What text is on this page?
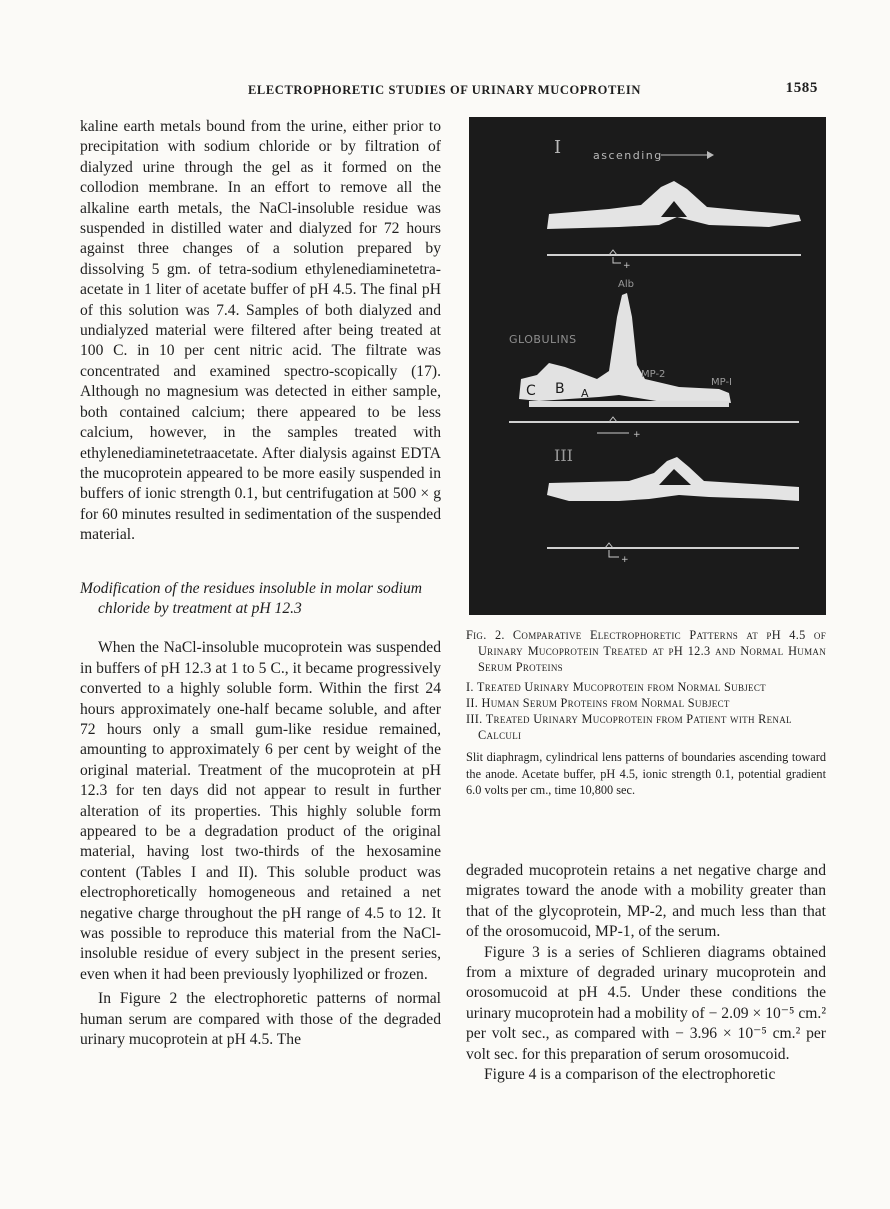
ELECTROPHORETIC STUDIES OF URINARY MUCOPROTEIN	1585

kaline earth metals bound from the urine, either prior to precipitation with sodium chloride or by filtration of dialyzed urine through the gel as it formed on the collodion membrane. In an effort to remove all the alkaline earth metals, the NaCl-insoluble residue was suspended in distilled water and dialyzed for 72 hours against three changes of a solution prepared by dissolving 5 gm. of tetra-sodium ethylenediaminetetra-acetate in 1 liter of acetate buffer of pH 4.5. The final pH of this solution was 7.4. Samples of both dialyzed and undialyzed material were filtered after being treated at 100 C. in 10 per cent nitric acid. The filtrate was concentrated and examined spectro-scopically (17). Although no magnesium was detected in either sample, both contained calcium; there appeared to be less calcium, however, in the samples treated with ethylenediaminetetraacetate. After dialysis against EDTA the mucoprotein appeared to be more easily suspended in buffers of ionic strength 0.1, but centrifugation at 500 × g for 60 minutes resulted in sedimentation of the suspended material.

Modification of the residues insoluble in molar sodium chloride by treatment at pH 12.3

When the NaCl-insoluble mucoprotein was suspended in buffers of pH 12.3 at 1 to 5 C., it became progressively converted to a highly soluble form. Within the first 24 hours approximately one-half became soluble, and after 72 hours only a small gum-like residue remained, amounting to approximately 6 per cent by weight of the original material. Treatment of the mucoprotein at pH 12.3 for ten days did not appear to result in further alteration of its properties. This highly soluble form appeared to be a degradation product of the original material, having lost two-thirds of the hexosamine content (Tables I and II). This soluble product was electrophoretically homogeneous and retained a net negative charge throughout the pH range of 4.5 to 12. It was possible to reproduce this material from the NaCl-insoluble residue of every subject in the present series, even when it had been previously lyophilized or frozen.

In Figure 2 the electrophoretic patterns of normal human serum are compared with those of the degraded urinary mucoprotein at pH 4.5. The

I	ascending
+
Alb
GLOBULINS
C B A
MP-2
MP-I
+
III
+

Fig. 2. Comparative Electrophoretic Patterns at pH 4.5 of Urinary Mucoprotein Treated at pH 12.3 and Normal Human Serum Proteins

I. Treated Urinary Mucoprotein from Normal Subject

II. Human Serum Proteins from Normal Subject

III. Treated Urinary Mucoprotein from Patient with Renal Calculi

Slit diaphragm, cylindrical lens patterns of boundaries ascending toward the anode. Acetate buffer, pH 4.5, ionic strength 0.1, potential gradient 6.0 volts per cm., time 10,800 sec.

degraded mucoprotein retains a net negative charge and migrates toward the anode with a mobility greater than that of the glycoprotein, MP-2, and much less than that of the orosomucoid, MP-1, of the serum.

Figure 3 is a series of Schlieren diagrams obtained from a mixture of degraded urinary mucoprotein and orosomucoid at pH 4.5. Under these conditions the urinary mucoprotein had a mobility of − 2.09 × 10⁻⁵ cm.² per volt sec., as compared with − 3.96 × 10⁻⁵ cm.² per volt sec. for this preparation of serum orosomucoid.

Figure 4 is a comparison of the electrophoretic
